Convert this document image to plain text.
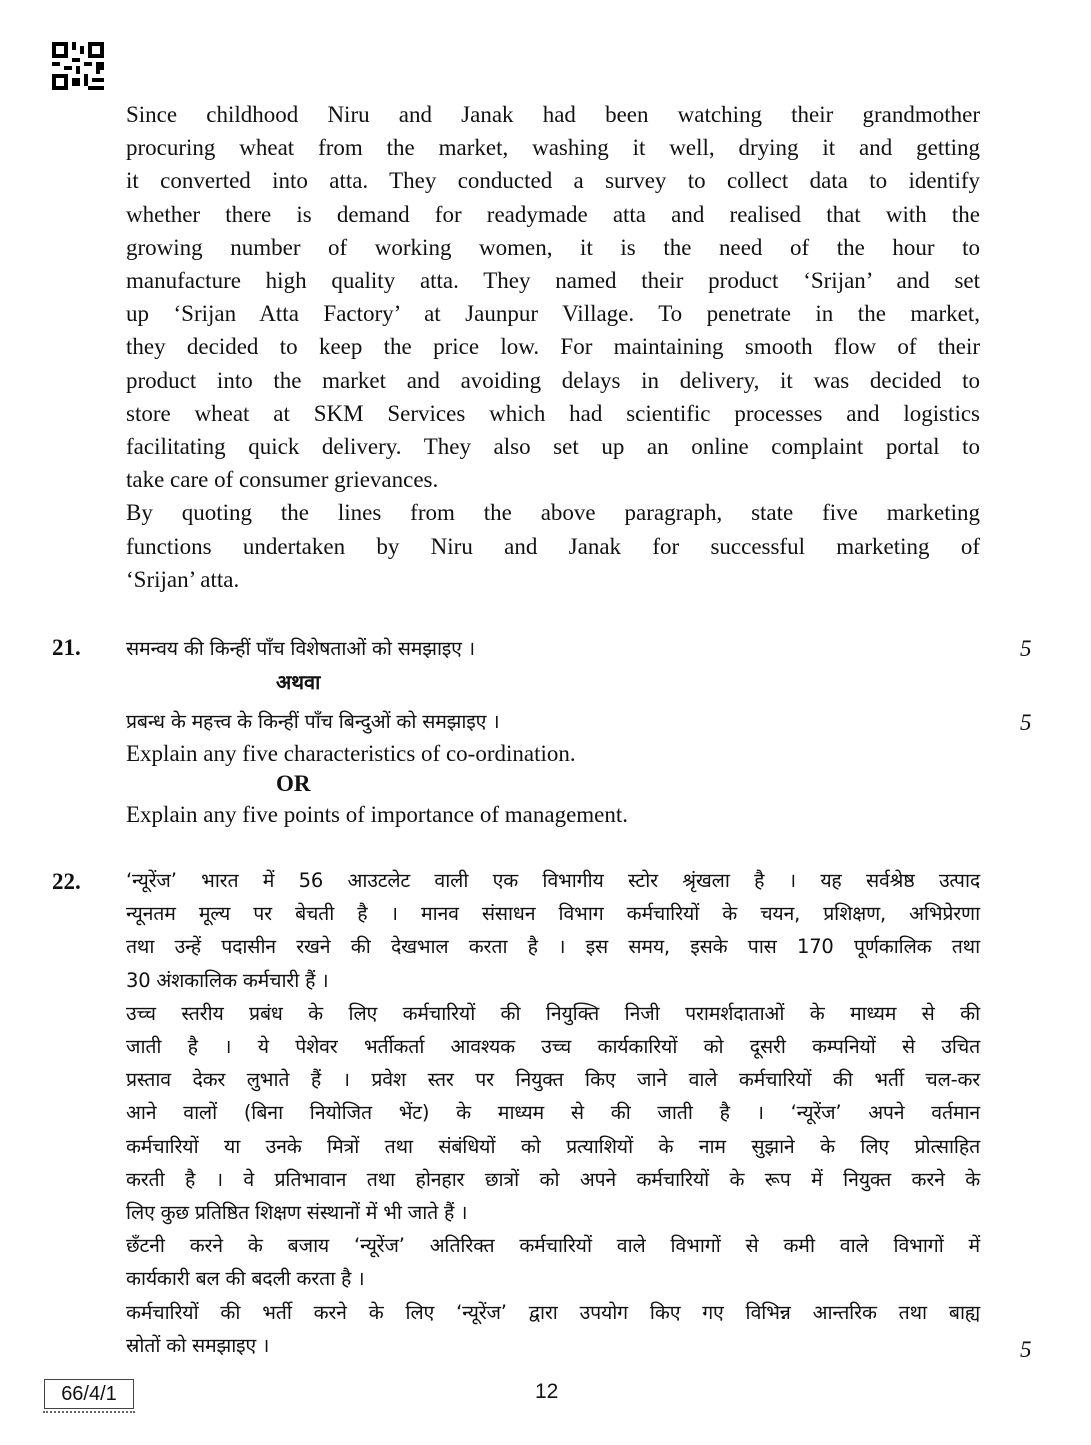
Since childhood Niru and Janak had been watching their grandmother
procuring wheat from the market, washing it well, drying it and getting
it converted into atta. They conducted a survey to collect data to identify
whether there is demand for readymade atta and realised that with the
growing number of working women, it is the need of the hour to
manufacture high quality atta. They named their product ‘Srijan’ and set
up ‘Srijan Atta Factory’ at Jaunpur Village. To penetrate in the market,
they decided to keep the price low. For maintaining smooth flow of their
product into the market and avoiding delays in delivery, it was decided to
store wheat at SKM Services which had scientific processes and logistics
facilitating quick delivery. They also set up an online complaint portal to
take care of consumer grievances.
By quoting the lines from the above paragraph, state five marketing
functions undertaken by Niru and Janak for successful marketing of
‘Srijan’ atta.
21. समन्वय की किन्हीं पाँच विशेषताओं को समझाइए ।	5
अथवा
प्रबन्ध के महत्त्व के किन्हीं पाँच बिन्दुओं को समझाइए ।	5
Explain any five characteristics of co-ordination.
OR
Explain any five points of importance of management.
22. ‘न्यूरेंज’ भारत में 56 आउटलेट वाली एक विभागीय स्टोर श्रृंखला है । यह सर्वश्रेष्ठ उत्पाद
न्यूनतम मूल्य पर बेचती है । मानव संसाधन विभाग कर्मचारियों के चयन, प्रशिक्षण, अभिप्रेरणा
तथा उन्हें पदासीन रखने की देखभाल करता है । इस समय, इसके पास 170 पूर्णकालिक तथा
30 अंशकालिक कर्मचारी हैं ।
उच्च स्तरीय प्रबंध के लिए कर्मचारियों की नियुक्ति निजी परामर्शदाताओं के माध्यम से की
जाती है । ये पेशेवर भर्तीकर्ता आवश्यक उच्च कार्यकारियों को दूसरी कम्पनियों से उचित
प्रस्ताव देकर लुभाते हैं । प्रवेश स्तर पर नियुक्त किए जाने वाले कर्मचारियों की भर्ती चल-कर
आने वालों (बिना नियोजित भेंट) के माध्यम से की जाती है । ‘न्यूरेंज’ अपने वर्तमान
कर्मचारियों या उनके मित्रों तथा संबंधियों को प्रत्याशियों के नाम सुझाने के लिए प्रोत्साहित
करती है । वे प्रतिभावान तथा होनहार छात्रों को अपने कर्मचारियों के रूप में नियुक्त करने के
लिए कुछ प्रतिष्ठित शिक्षण संस्थानों में भी जाते हैं ।
छँटनी करने के बजाय ‘न्यूरेंज’ अतिरिक्त कर्मचारियों वाले विभागों से कमी वाले विभागों में
कार्यकारी बल की बदली करता है ।
कर्मचारियों की भर्ती करने के लिए ‘न्यूरेंज’ द्वारा उपयोग किए गए विभिन्न आन्तरिक तथा बाह्य
स्रोतों को समझाइए ।	5
66/4/1	12
